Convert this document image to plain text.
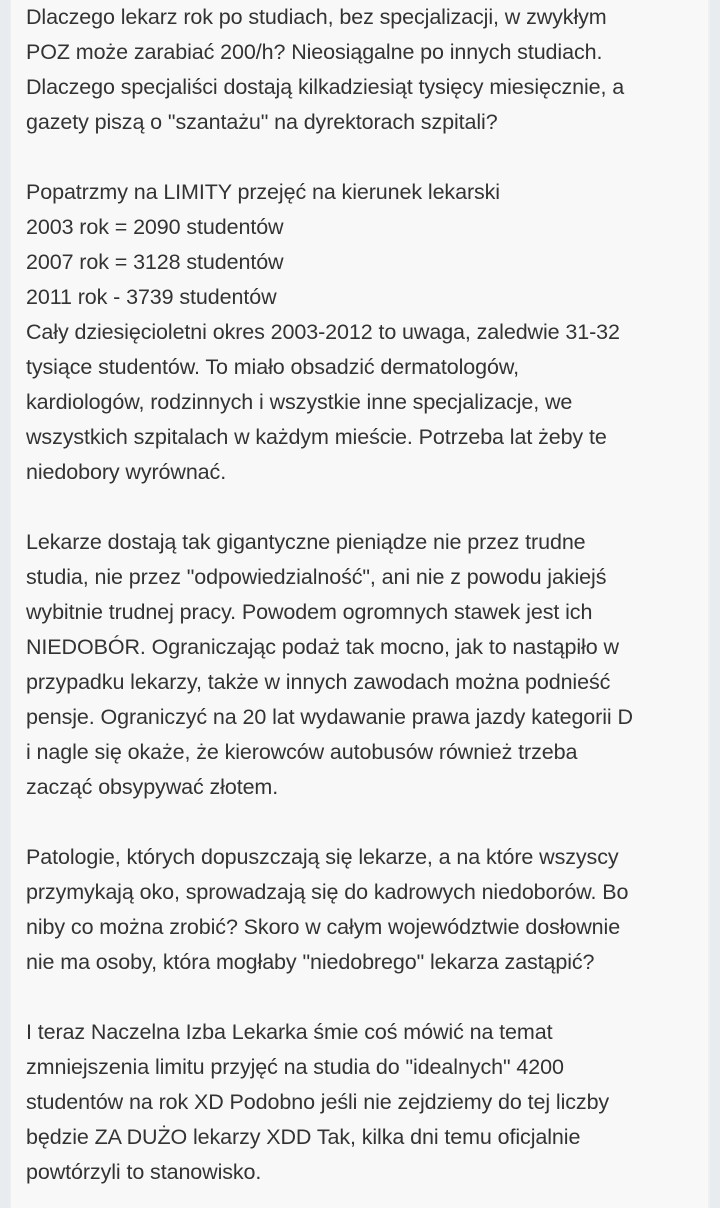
Dlaczego lekarz rok po studiach, bez specjalizacji, w zwykłym
POZ może zarabiać 200/h? Nieosiągalne po innych studiach.
Dlaczego specjaliści dostają kilkadziesiąt tysięcy miesięcznie, a
gazety piszą o "szantażu" na dyrektorach szpitali?
Popatrzmy na LIMITY przejęć na kierunek lekarski
2003 rok = 2090 studentów
2007 rok = 3128 studentów
2011 rok - 3739 studentów
Cały dziesięcioletni okres 2003-2012 to uwaga, zaledwie 31-32
tysiące studentów. To miało obsadzić dermatologów,
kardiologów, rodzinnych i wszystkie inne specjalizacje, we
wszystkich szpitalach w każdym mieście. Potrzeba lat żeby te
niedobory wyrównać.
Lekarze dostają tak gigantyczne pieniądze nie przez trudne
studia, nie przez "odpowiedzialność", ani nie z powodu jakiejś
wybitnie trudnej pracy. Powodem ogromnych stawek jest ich
NIEDOBÓR. Ograniczając podaż tak mocno, jak to nastąpiło w
przypadku lekarzy, także w innych zawodach można podnieść
pensje. Ograniczyć na 20 lat wydawanie prawa jazdy kategorii D
i nagle się okaże, że kierowców autobusów również trzeba
zacząć obsypywać złotem.
Patologie, których dopuszczają się lekarze, a na które wszyscy
przymykają oko, sprowadzają się do kadrowych niedoborów. Bo
niby co można zrobić? Skoro w całym województwie dosłownie
nie ma osoby, która mogłaby "niedobrego" lekarza zastąpić?
I teraz Naczelna Izba Lekarka śmie coś mówić na temat
zmniejszenia limitu przyjęć na studia do "idealnych" 4200
studentów na rok XD Podobno jeśli nie zejdziemy do tej liczby
będzie ZA DUŻO lekarzy XDD Tak, kilka dni temu oficjalnie
powtórzyli to stanowisko.
